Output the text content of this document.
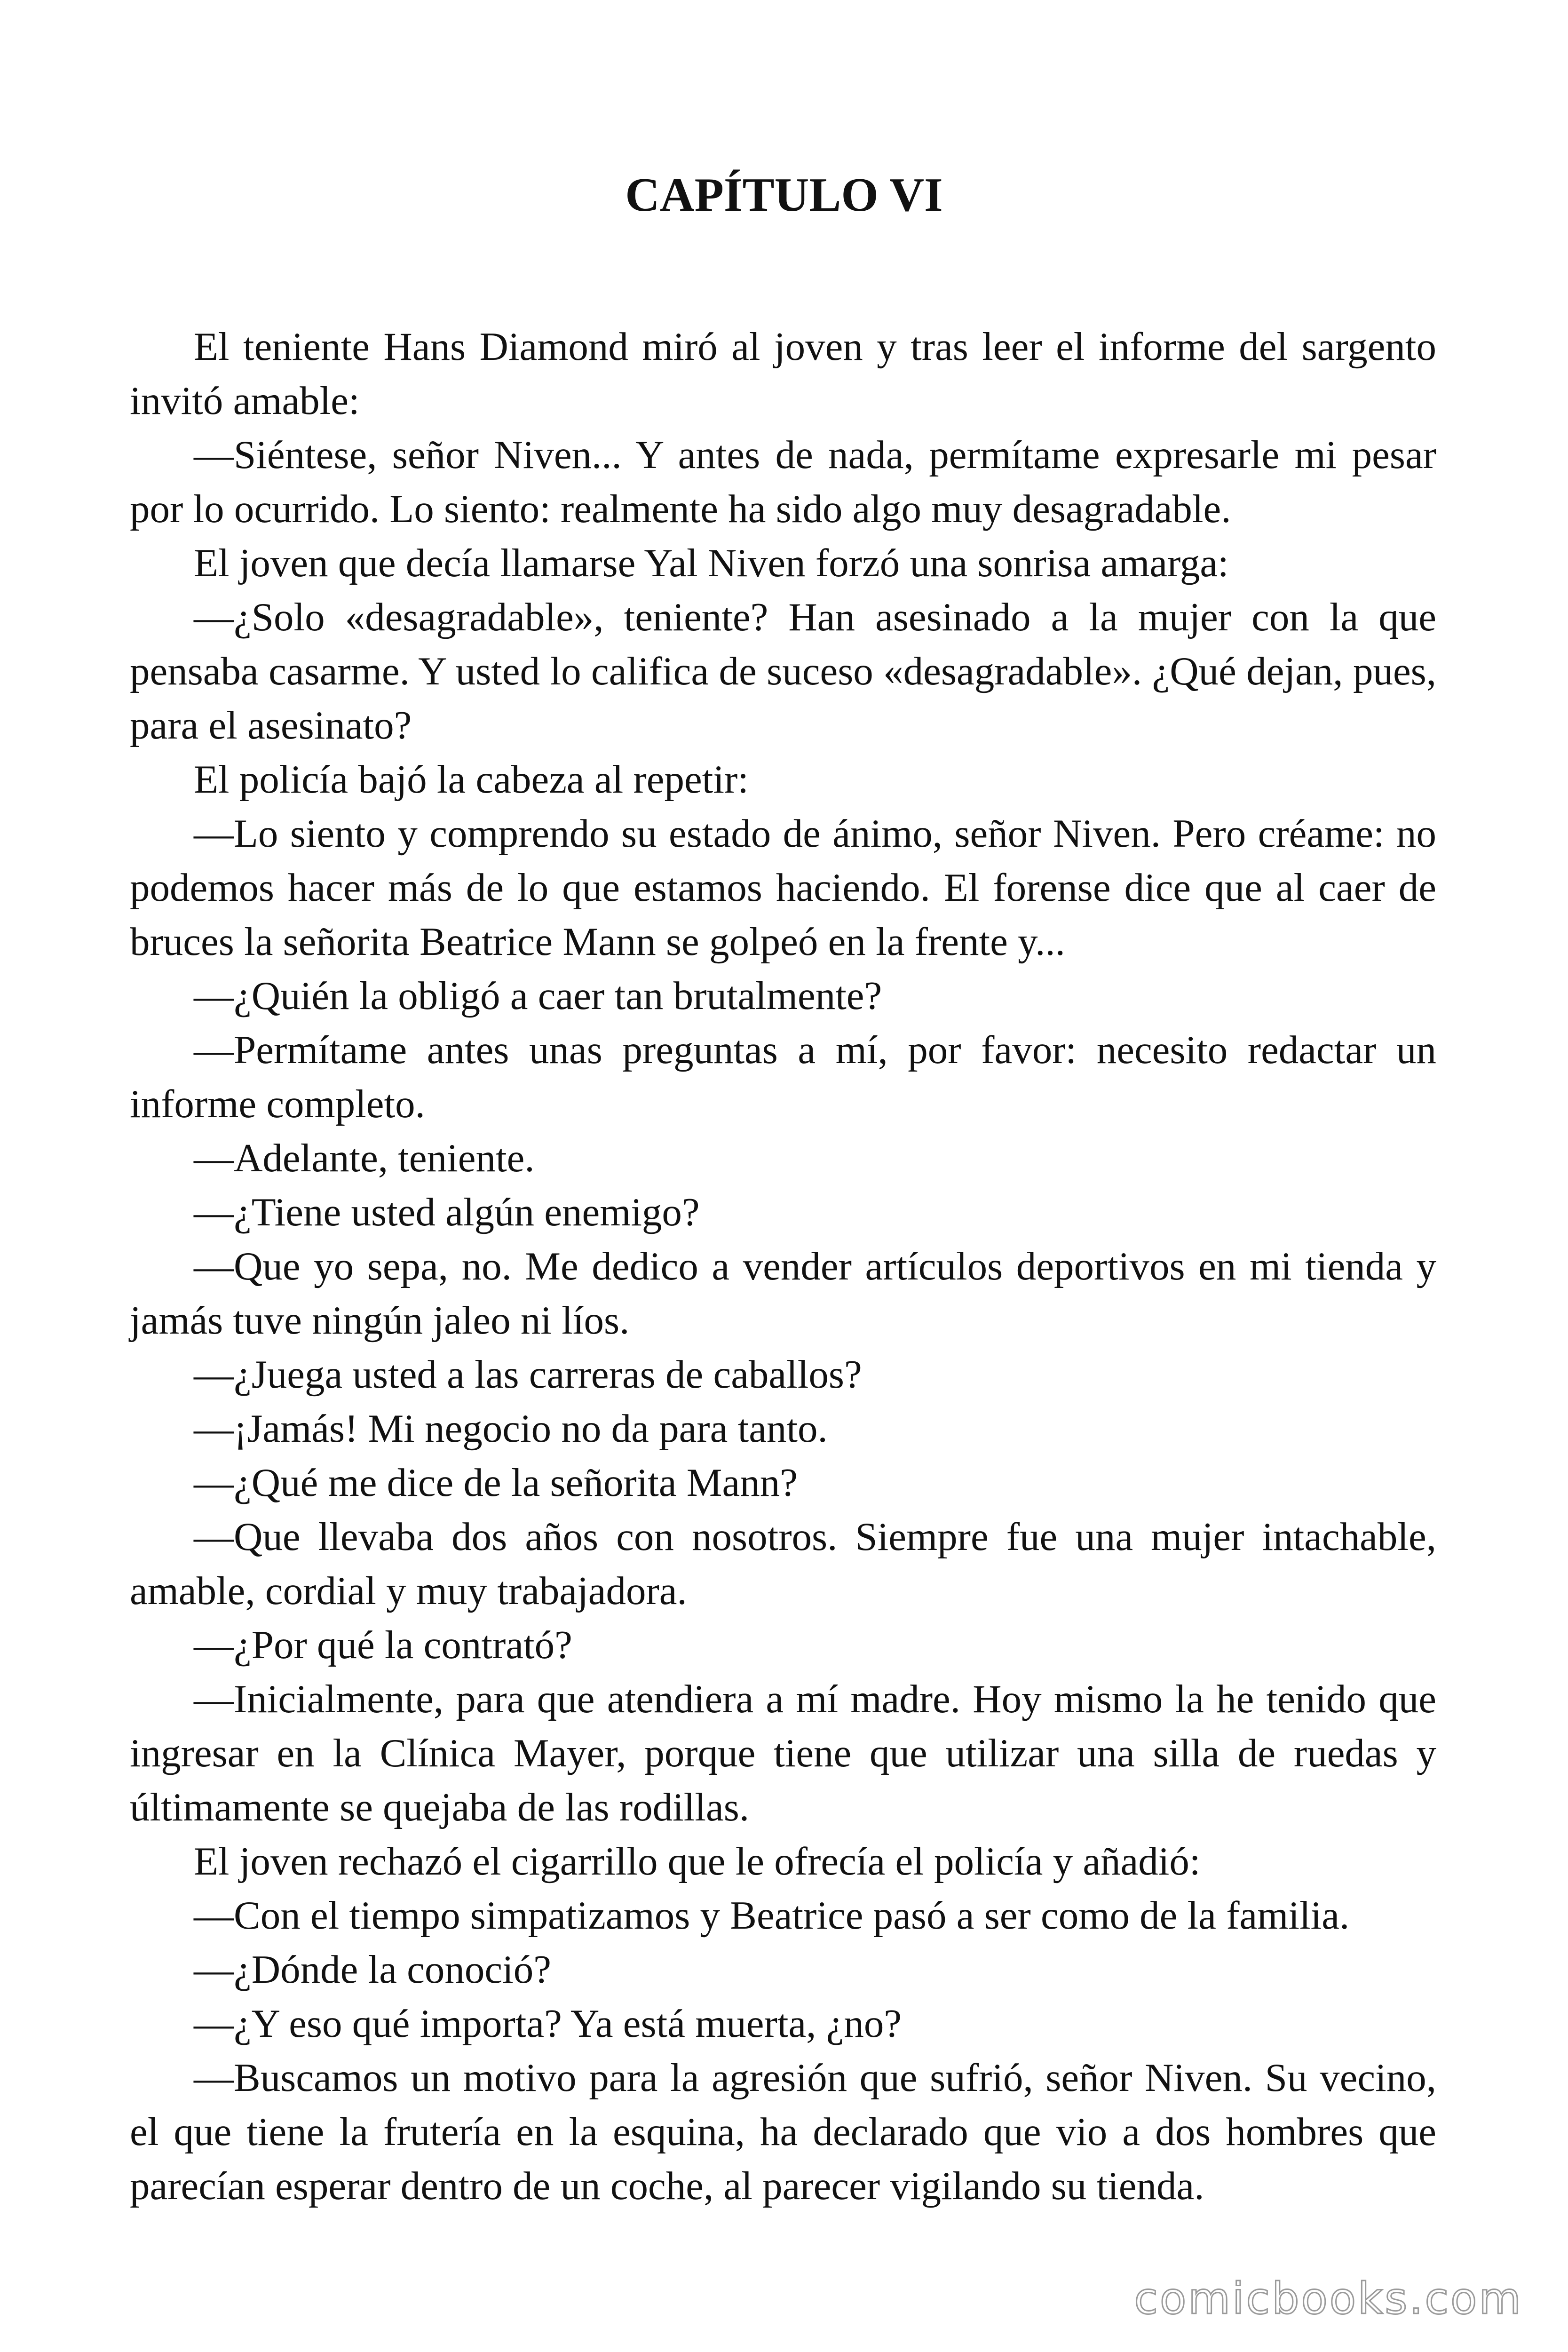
CAPÍTULO VI

El teniente Hans Diamond miró al joven y tras leer el informe del sargento invitó amable:

—Siéntese, señor Niven... Y antes de nada, permítame expresarle mi pesar por lo ocurrido. Lo siento: realmente ha sido algo muy desagradable.

El joven que decía llamarse Yal Niven forzó una sonrisa amarga:

—¿Solo «desagradable», teniente? Han asesinado a la mujer con la que pensaba casarme. Y usted lo califica de suceso «desagradable». ¿Qué dejan, pues, para el asesinato?

El policía bajó la cabeza al repetir:

—Lo siento y comprendo su estado de ánimo, señor Niven. Pero créame: no podemos hacer más de lo que estamos haciendo. El forense dice que al caer de bruces la señorita Beatrice Mann se golpeó en la frente y...

—¿Quién la obligó a caer tan brutalmente?

—Permítame antes unas preguntas a mí, por favor: necesito redactar un informe completo.

—Adelante, teniente.

—¿Tiene usted algún enemigo?

—Que yo sepa, no. Me dedico a vender artículos deportivos en mi tienda y jamás tuve ningún jaleo ni líos.

—¿Juega usted a las carreras de caballos?

—¡Jamás! Mi negocio no da para tanto.

—¿Qué me dice de la señorita Mann?

—Que llevaba dos años con nosotros. Siempre fue una mujer intachable, amable, cordial y muy trabajadora.

—¿Por qué la contrató?

—Inicialmente, para que atendiera a mí madre. Hoy mismo la he tenido que ingresar en la Clínica Mayer, porque tiene que utilizar una silla de ruedas y últimamente se quejaba de las rodillas.

El joven rechazó el cigarrillo que le ofrecía el policía y añadió:

—Con el tiempo simpatizamos y Beatrice pasó a ser como de la familia.

—¿Dónde la conoció?

—¿Y eso qué importa? Ya está muerta, ¿no?

—Buscamos un motivo para la agresión que sufrió, señor Niven. Su vecino, el que tiene la frutería en la esquina, ha declarado que vio a dos hombres que parecían esperar dentro de un coche, al parecer vigilando su tienda.

comicbooks.com
